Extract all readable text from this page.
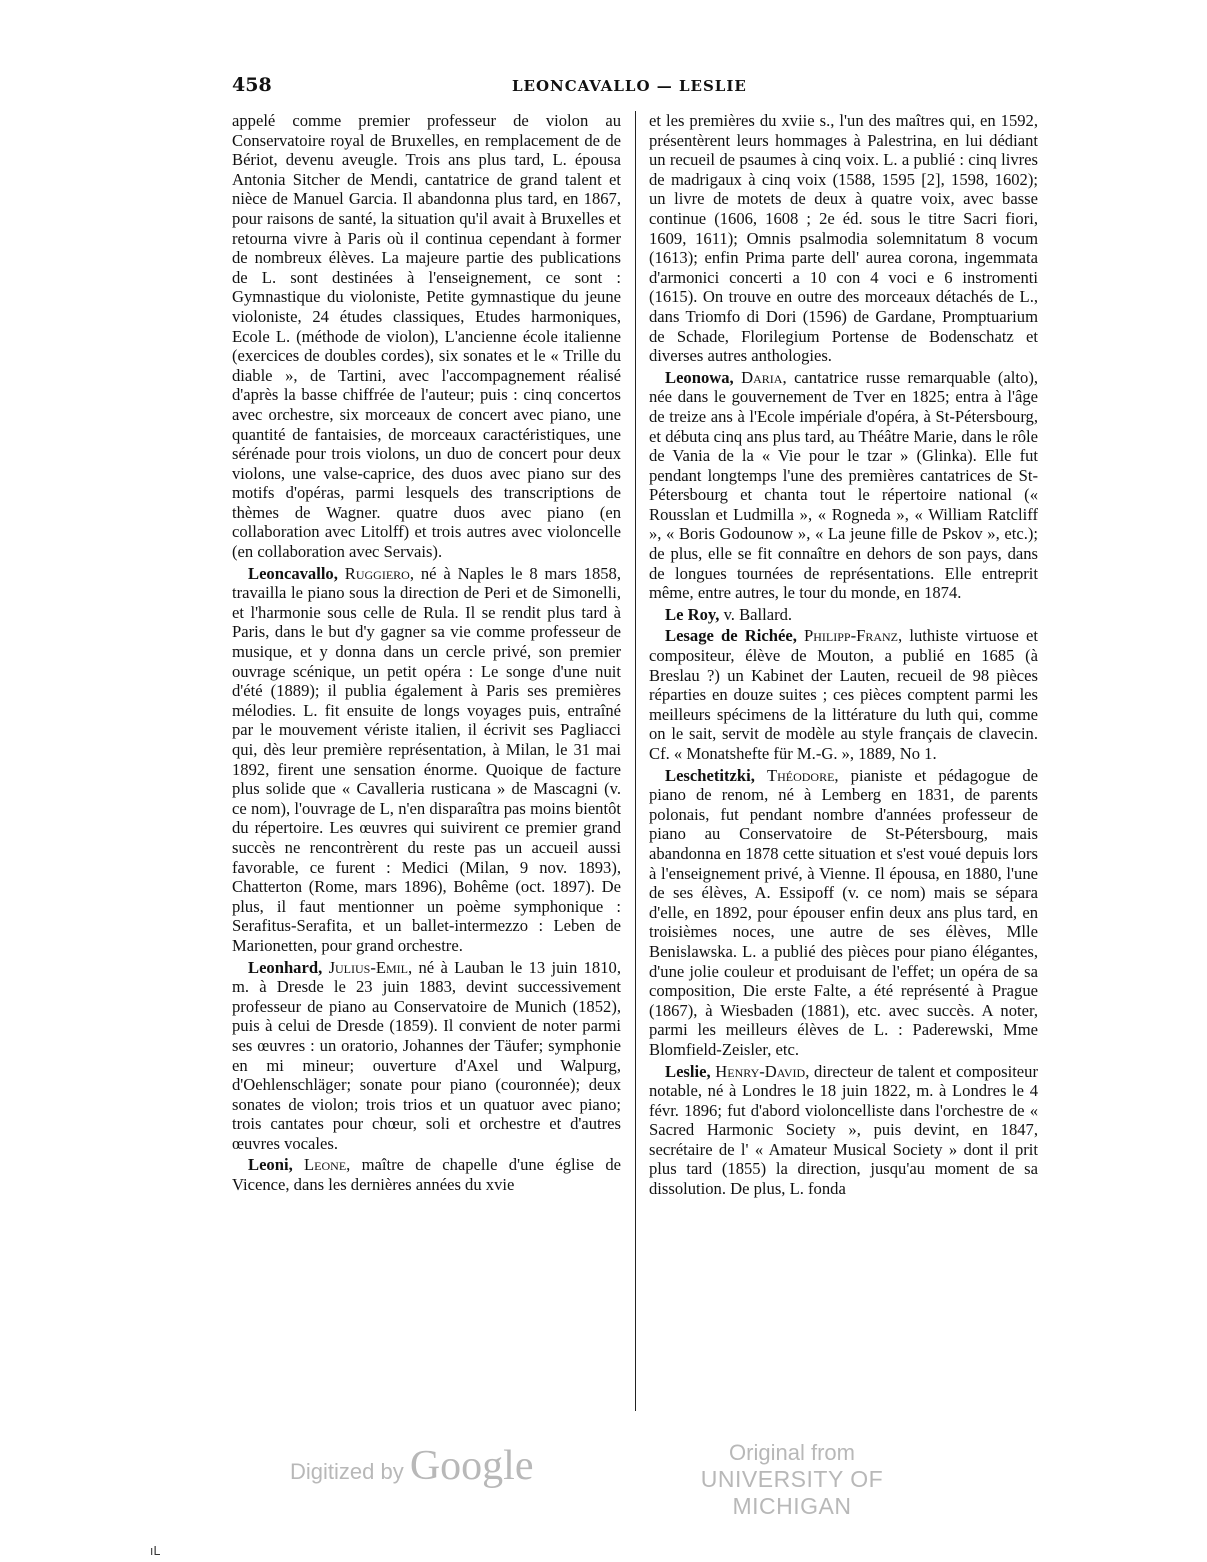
458	LEONCAVALLO — LESLIE

appelé comme premier professeur de violon au Conservatoire royal de Bruxelles, en remplacement de de Bériot, devenu aveugle. Trois ans plus tard, L. épousa Antonia Sitcher de Mendi, cantatrice de grand talent et nièce de Manuel Garcia. Il abandonna plus tard, en 1867, pour raisons de santé, la situation qu'il avait à Bruxelles et retourna vivre à Paris où il continua cependant à former de nombreux élèves. La majeure partie des publications de L. sont destinées à l'enseignement, ce sont : Gymnastique du violoniste, Petite gymnastique du jeune violoniste, 24 études classiques, Etudes harmoniques, Ecole L. (méthode de violon), L'ancienne école italienne (exercices de doubles cordes), six sonates et le « Trille du diable », de Tartini, avec l'accompagnement réalisé d'après la basse chiffrée de l'auteur; puis : cinq concertos avec orchestre, six morceaux de concert avec piano, une quantité de fantaisies, de morceaux caractéristiques, une sérénade pour trois violons, un duo de concert pour deux violons, une valse-caprice, des duos avec piano sur des motifs d'opéras, parmi lesquels des transcriptions de thèmes de Wagner. quatre duos avec piano (en collaboration avec Litolff) et trois autres avec violoncelle (en collaboration avec Servais).

Leoncavallo, Ruggiero, né à Naples le 8 mars 1858, travailla le piano sous la direction de Peri et de Simonelli, et l'harmonie sous celle de Rula. Il se rendit plus tard à Paris, dans le but d'y gagner sa vie comme professeur de musique, et y donna dans un cercle privé, son premier ouvrage scénique, un petit opéra : Le songe d'une nuit d'été (1889); il publia également à Paris ses premières mélodies. L. fit ensuite de longs voyages puis, entraîné par le mouvement vériste italien, il écrivit ses Pagliacci qui, dès leur première représentation, à Milan, le 31 mai 1892, firent une sensation énorme. Quoique de facture plus solide que « Cavalleria rusticana » de Mascagni (v. ce nom), l'ouvrage de L, n'en disparaîtra pas moins bientôt du répertoire. Les œuvres qui suivirent ce premier grand succès ne rencontrèrent du reste pas un accueil aussi favorable, ce furent : Medici (Milan, 9 nov. 1893), Chatterton (Rome, mars 1896), Bohême (oct. 1897). De plus, il faut mentionner un poème symphonique : Serafitus-Serafita, et un ballet-intermezzo : Leben de Marionetten, pour grand orchestre.

Leonhard, Julius-Emil, né à Lauban le 13 juin 1810, m. à Dresde le 23 juin 1883, devint successivement professeur de piano au Conservatoire de Munich (1852), puis à celui de Dresde (1859). Il convient de noter parmi ses œuvres : un oratorio, Johannes der Täufer; symphonie en mi mineur; ouverture d'Axel und Walpurg, d'Oehlenschläger; sonate pour piano (couronnée); deux sonates de violon; trois trios et un quatuor avec piano; trois cantates pour chœur, soli et orchestre et d'autres œuvres vocales.

Leoni, Leone, maître de chapelle d'une église de Vicence, dans les dernières années du xvie

et les premières du xviie s., l'un des maîtres qui, en 1592, présentèrent leurs hommages à Palestrina, en lui dédiant un recueil de psaumes à cinq voix. L. a publié : cinq livres de madrigaux à cinq voix (1588, 1595 [2], 1598, 1602); un livre de motets de deux à quatre voix, avec basse continue (1606, 1608 ; 2e éd. sous le titre Sacri fiori, 1609, 1611); Omnis psalmodia solemnitatum 8 vocum (1613); enfin Prima parte dell' aurea corona, ingemmata d'armonici concerti a 10 con 4 voci e 6 instromenti (1615). On trouve en outre des morceaux détachés de L., dans Triomfo di Dori (1596) de Gardane, Promptuarium de Schade, Florilegium Portense de Bodenschatz et diverses autres anthologies.

Leonowa, Daria, cantatrice russe remarquable (alto), née dans le gouvernement de Tver en 1825; entra à l'âge de treize ans à l'Ecole impériale d'opéra, à St-Pétersbourg, et débuta cinq ans plus tard, au Théâtre Marie, dans le rôle de Vania de la « Vie pour le tzar » (Glinka). Elle fut pendant longtemps l'une des premières cantatrices de St-Pétersbourg et chanta tout le répertoire national (« Rousslan et Ludmilla », « Rogneda », « William Ratcliff », « Boris Godounow », « La jeune fille de Pskov », etc.); de plus, elle se fit connaître en dehors de son pays, dans de longues tournées de représentations. Elle entreprit même, entre autres, le tour du monde, en 1874.

Le Roy, v. Ballard.

Lesage de Richée, Philipp-Franz, luthiste virtuose et compositeur, élève de Mouton, a publié en 1685 (à Breslau ?) un Kabinet der Lauten, recueil de 98 pièces réparties en douze suites ; ces pièces comptent parmi les meilleurs spécimens de la littérature du luth qui, comme on le sait, servit de modèle au style français de clavecin. Cf. « Monatshefte für M.-G. », 1889, No 1.

Leschetitzki, Théodore, pianiste et pédagogue de piano de renom, né à Lemberg en 1831, de parents polonais, fut pendant nombre d'années professeur de piano au Conservatoire de St-Pétersbourg, mais abandonna en 1878 cette situation et s'est voué depuis lors à l'enseignement privé, à Vienne. Il épousa, en 1880, l'une de ses élèves, A. Essipoff (v. ce nom) mais se sépara d'elle, en 1892, pour épouser enfin deux ans plus tard, en troisièmes noces, une autre de ses élèves, Mlle Benislawska. L. a publié des pièces pour piano élégantes, d'une jolie couleur et produisant de l'effet; un opéra de sa composition, Die erste Falte, a été représenté à Prague (1867), à Wiesbaden (1881), etc. avec succès. A noter, parmi les meilleurs élèves de L. : Paderewski, Mme Blomfield-Zeisler, etc.

Leslie, Henry-David, directeur de talent et compositeur notable, né à Londres le 18 juin 1822, m. à Londres le 4 févr. 1896; fut d'abord violoncelliste dans l'orchestre de « Sacred Harmonic Society », puis devint, en 1847, secrétaire de l' « Amateur Musical Society » dont il prit plus tard (1855) la direction, jusqu'au moment de sa dissolution. De plus, L. fonda

Digitized by Google	Original from
UNIVERSITY OF MICHIGAN
ıL
